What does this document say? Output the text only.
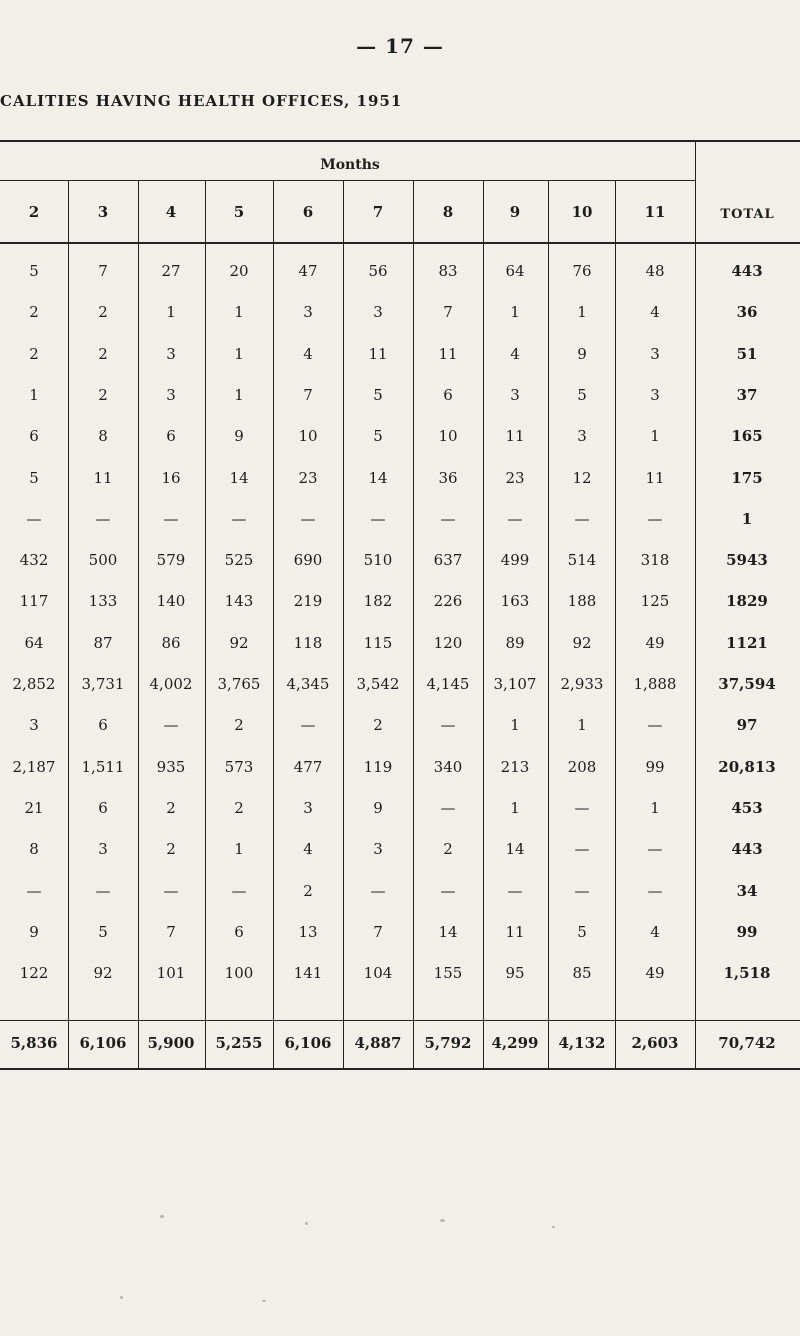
— 17 —
CALITIES HAVING HEALTH OFFICES, 1951
Months
TOTAL
2	3	4	5	6	7	8	9	10	11
5	7	27	20	47	56	83	64	76	48	443
2	2	1	1	3	3	7	1	1	4	36
2	2	3	1	4	11	11	4	9	3	51
1	2	3	1	7	5	6	3	5	3	37
6	8	6	9	10	5	10	11	3	1	165
5	11	16	14	23	14	36	23	12	11	175
—	—	—	—	—	—	—	—	—	—	1
432	500	579	525	690	510	637	499	514	318	5943
117	133	140	143	219	182	226	163	188	125	1829
64	87	86	92	118	115	120	89	92	49	1121
2,852	3,731	4,002	3,765	4,345	3,542	4,145	3,107	2,933	1,888	37,594
3	6	—	2	—	2	—	1	1	—	97
2,187	1,511	935	573	477	119	340	213	208	99	20,813
21	6	2	2	3	9	—	1	—	1	453
8	3	2	1	4	3	2	14	—	—	443
—	—	—	—	2	—	—	—	—	—	34
9	5	7	6	13	7	14	11	5	4	99
122	92	101	100	141	104	155	95	85	49	1,518
5,836	6,106	5,900	5,255	6,106	4,887	5,792	4,299	4,132	2,603	70,742
